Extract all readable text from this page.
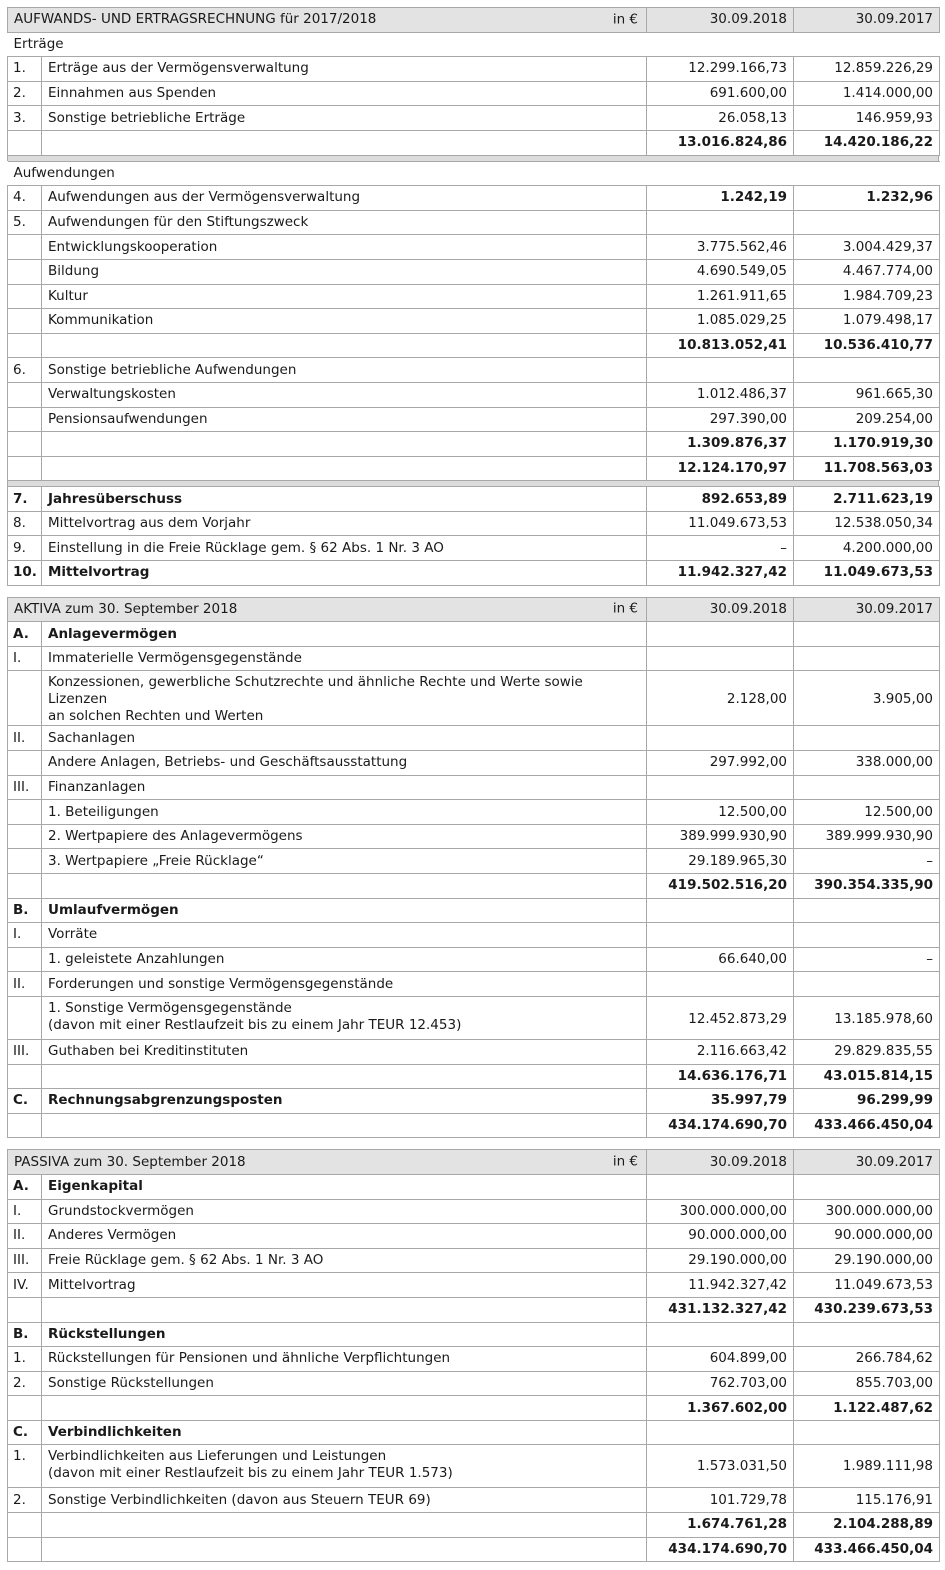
AUFWANDS- UND ERTRAGSRECHNUNG für 2017/2018 in €		30.09.2018	30.09.2017
Erträge			
1.	Erträge aus der Vermögensverwaltung	12.299.166,73	12.859.226,29
2.	Einnahmen aus Spenden	691.600,00	1.414.000,00
3.	Sonstige betriebliche Erträge	26.058,13	146.959,93
		13.016.824,86	14.420.186,22
Aufwendungen			
4.	Aufwendungen aus der Vermögensverwaltung	1.242,19	1.232,96
5.	Aufwendungen für den Stiftungszweck		
	Entwicklungskooperation	3.775.562,46	3.004.429,37
	Bildung	4.690.549,05	4.467.774,00
	Kultur	1.261.911,65	1.984.709,23
	Kommunikation	1.085.029,25	1.079.498,17
		10.813.052,41	10.536.410,77
6.	Sonstige betriebliche Aufwendungen		
	Verwaltungskosten	1.012.486,37	961.665,30
	Pensionsaufwendungen	297.390,00	209.254,00
		1.309.876,37	1.170.919,30
		12.124.170,97	11.708.563,03
7.	Jahresüberschuss	892.653,89	2.711.623,19
8.	Mittelvortrag aus dem Vorjahr	11.049.673,53	12.538.050,34
9.	Einstellung in die Freie Rücklage gem. § 62 Abs. 1 Nr. 3 AO	–	4.200.000,00
10.	Mittelvortrag	11.942.327,42	11.049.673,53
AKTIVA zum 30. September 2018 in €		30.09.2018	30.09.2017
A.	Anlagevermögen		
I.	Immaterielle Vermögensgegenstände		

	Konzessionen, gewerbliche Schutzrechte und ähnliche Rechte und Werte sowie Lizenzen
an solchen Rechten und Werten	2.128,00	3.905,00
II.	Sachanlagen		
	Andere Anlagen, Betriebs- und Geschäftsausstattung	297.992,00	338.000,00
III.	Finanzanlagen		
	1. Beteiligungen	12.500,00	12.500,00
	2. Wertpapiere des Anlagevermögens	389.999.930,90	389.999.930,90
	3. Wertpapiere „Freie Rücklage“	29.189.965,30	–
		419.502.516,20	390.354.335,90
B.	Umlaufvermögen		
I.	Vorräte		
	1. geleistete Anzahlungen	66.640,00	–
II.	Forderungen und sonstige Vermögensgegenstände		

	1. Sonstige Vermögensgegenstände
(davon mit einer Restlaufzeit bis zu einem Jahr TEUR 12.453)	12.452.873,29	13.185.978,60
III.	Guthaben bei Kreditinstituten	2.116.663,42	29.829.835,55
		14.636.176,71	43.015.814,15
C.	Rechnungsabgrenzungsposten	35.997,79	96.299,99
		434.174.690,70	433.466.450,04
PASSIVA zum 30. September 2018 in €		30.09.2018	30.09.2017
A.	Eigenkapital		
I.	Grundstockvermögen	300.000.000,00	300.000.000,00
II.	Anderes Vermögen	90.000.000,00	90.000.000,00
III.	Freie Rücklage gem. § 62 Abs. 1 Nr. 3 AO	29.190.000,00	29.190.000,00
IV.	Mittelvortrag	11.942.327,42	11.049.673,53
		431.132.327,42	430.239.673,53
B.	Rückstellungen		
1.	Rückstellungen für Pensionen und ähnliche Verpflichtungen	604.899,00	266.784,62
2.	Sonstige Rückstellungen	762.703,00	855.703,00
		1.367.602,00	1.122.487,62
C.	Verbindlichkeiten		
1.	Verbindlichkeiten aus Lieferungen und Leistungen
(davon mit einer Restlaufzeit bis zu einem Jahr TEUR 1.573)	1.573.031,50	1.989.111,98
2.	Sonstige Verbindlichkeiten (davon aus Steuern TEUR 69)	101.729,78	115.176,91
		1.674.761,28	2.104.288,89
		434.174.690,70	433.466.450,04
